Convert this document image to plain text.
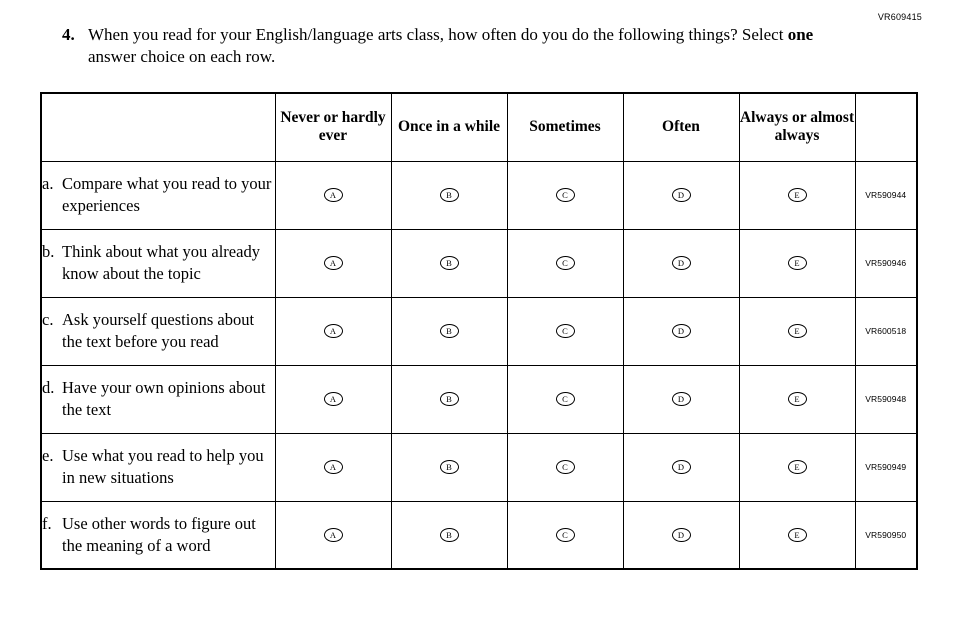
VR609415
4. When you read for your English/language arts class, how often do you do the following things? Select one answer choice on each row.
	Never or hardly ever	Once in a while	Sometimes	Often	Always or almost always	

a. Compare what you read to your experiences	A	B	C	D	E	VR590944

b. Think about what you already know about the topic	A	B	C	D	E	VR590946

c. Ask yourself questions about the text before you read	A	B	C	D	E	VR600518

d. Have your own opinions about the text	A	B	C	D	E	VR590948

e. Use what you read to help you in new situations	A	B	C	D	E	VR590949

f. Use other words to figure out the meaning of a word	A	B	C	D	E	VR590950
